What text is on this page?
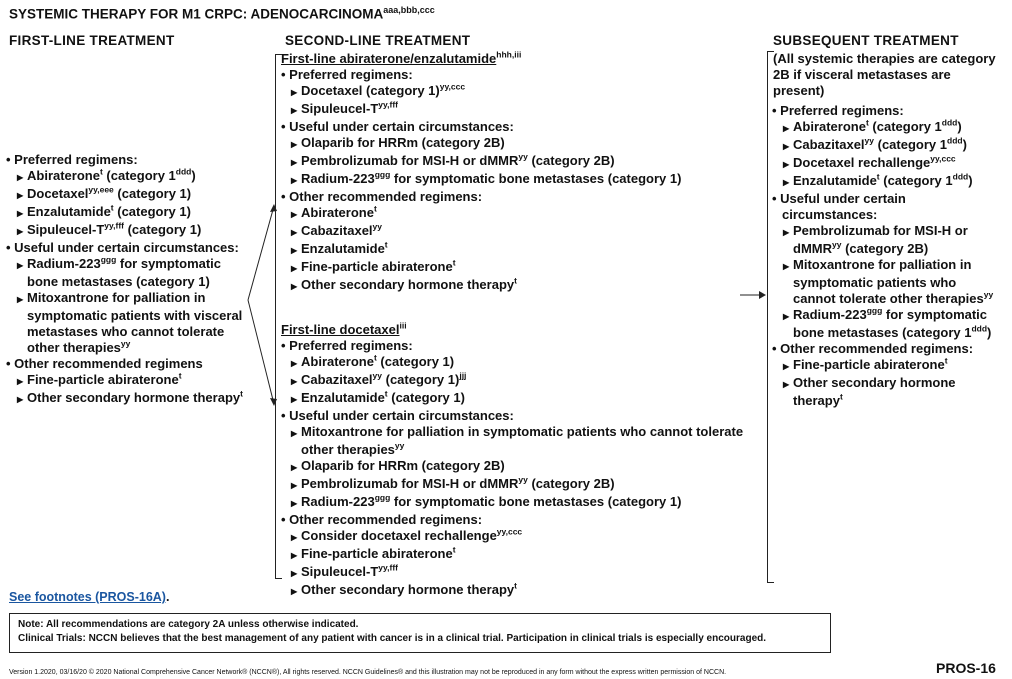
SYSTEMIC THERAPY FOR M1 CRPC: $ADENOCARCINOMA^{aaa,bbb,ccc}$
FIRST-LINE TREATMENT	SECOND-LINE TREATMENT	SUBSEQUENT TREATMENT

• Preferred regimens:

▶ Abiraterone$^t$ (category $1^{ddd}$)

▶ Docetaxel$^{yy,eee}$ (category 1)

▶ Enzalutamide$^t$ (category 1)

▶ Sipuleucel-$T^{yy,fff}$ (category 1)

• Useful under certain circumstances:

▶ Radium-$223^{ggg}$ for symptomatic bone metastases (category 1)

▶ Mitoxantrone for palliation in symptomatic patients with visceral metastases who cannot tolerate other therapies$^{yy}$

• Other recommended regimens

▶ Fine-particle abiraterone$^t$

▶ Other secondary hormone therapy$^t$

First-line abiraterone/enzalutamide$^{hhh,iii}$

• Preferred regimens:

▶ Docetaxel (category 1)$^{yy,ccc}$

▶ Sipuleucel-$T^{yy,fff}$

• Useful under certain circumstances:

▶ Olaparib for HRRm (category 2B)

▶ Pembrolizumab for MSI-H or dMMR$^{yy}$ (category 2B)

▶ Radium-$223^{ggg}$ for symptomatic bone metastases (category 1)

• Other recommended regimens:

▶ Abiraterone$^t$

▶ Cabazitaxel$^{yy}$

▶ Enzalutamide$^t$

▶ Fine-particle abiraterone$^t$

▶ Other secondary hormone therapy$^t$

First-line docetaxel$^{iii}$

• Preferred regimens:

▶ Abiraterone$^t$ (category 1)

▶ Cabazitaxel$^{yy}$ (category 1)$^{jjj}$

▶ Enzalutamide$^t$ (category 1)

• Useful under certain circumstances:

▶ Mitoxantrone for palliation in symptomatic patients who cannot tolerate other therapies$^{yy}$

▶ Olaparib for HRRm (category 2B)

▶ Pembrolizumab for MSI-H or dMMR$^{yy}$ (category 2B)

▶ Radium-$223^{ggg}$ for symptomatic bone metastases (category 1)

• Other recommended regimens:

▶ Consider docetaxel rechallenge$^{yy,ccc}$

▶ Fine-particle abiraterone$^t$

▶ Sipuleucel-$T^{yy,fff}$

▶ Other secondary hormone therapy$^t$

(All systemic therapies are category 2B if visceral metastases are present)

• Preferred regimens:

▶ Abiraterone$^t$ (category $1^{ddd}$)

▶ Cabazitaxel$^{yy}$ (category $1^{ddd}$)

▶ Docetaxel rechallenge$^{yy,ccc}$

▶ Enzalutamide$^t$ (category $1^{ddd}$)

• Useful under certain circumstances:

▶ Pembrolizumab for MSI-H or dMMR$^{yy}$ (category 2B)

▶ Mitoxantrone for palliation in symptomatic patients who cannot tolerate other therapies$^{yy}$

▶ Radium-$223^{ggg}$ for symptomatic bone metastases (category $1^{ddd}$)

• Other recommended regimens:

▶ Fine-particle abiraterone$^t$

▶ Other secondary hormone therapy$^t$

See footnotes (PROS-16A).
Note: All recommendations are category 2A unless otherwise indicated.
Clinical Trials: NCCN believes that the best management of any patient with cancer is in a clinical trial. Participation in clinical trials is especially encouraged.
Version 1.2020, 03/16/20 © 2020 National Comprehensive Cancer Network® (NCCN®), All rights reserved. NCCN Guidelines® and this illustration may not be reproduced in any form without the express written permission of NCCN.	PROS-16
